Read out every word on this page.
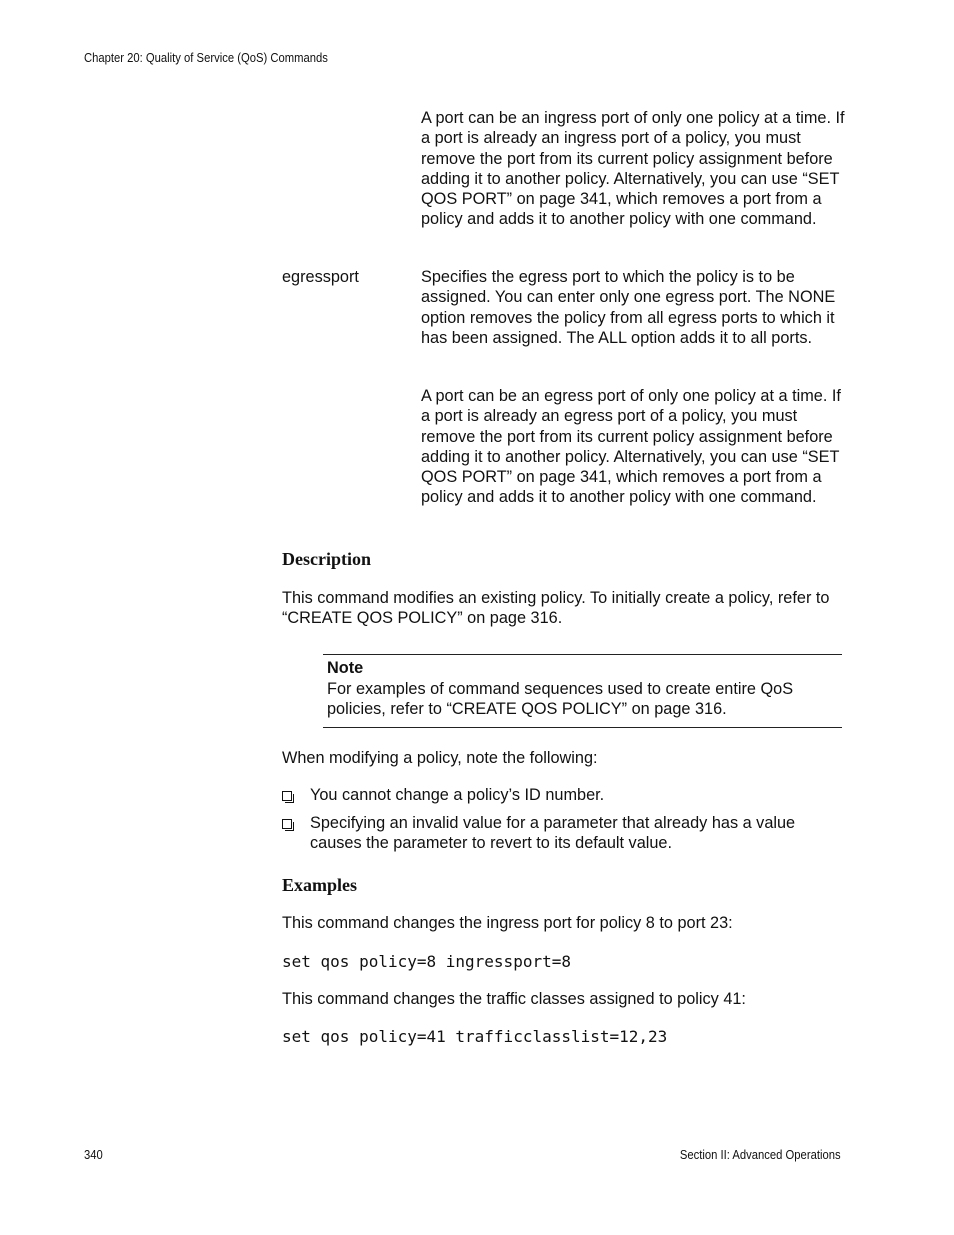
Chapter 20: Quality of Service (QoS) Commands

A port can be an ingress port of only one policy at a time. If a port is already an ingress port of a policy, you must remove the port from its current policy assignment before adding it to another policy. Alternatively, you can use “SET QOS PORT” on page 341, which removes a port from a policy and adds it to another policy with one command.

egressport	Specifies the egress port to which the policy is to be assigned. You can enter only one egress port. The NONE option removes the policy from all egress ports to which it has been assigned. The ALL option adds it to all ports.

A port can be an egress port of only one policy at a time. If a port is already an egress port of a policy, you must remove the port from its current policy assignment before adding it to another policy. Alternatively, you can use “SET QOS PORT” on page 341, which removes a port from a policy and adds it to another policy with one command.

Description

This command modifies an existing policy. To initially create a policy, refer to “CREATE QOS POLICY” on page 316.

Note
For examples of command sequences used to create entire QoS policies, refer to “CREATE QOS POLICY” on page 316.

When modifying a policy, note the following:

You cannot change a policy’s ID number.
Specifying an invalid value for a parameter that already has a value causes the parameter to revert to its default value.
Examples

This command changes the ingress port for policy 8 to port 23:

set qos policy=8 ingressport=8

This command changes the traffic classes assigned to policy 41:

set qos policy=41 trafficclasslist=12,23
340	Section II: Advanced Operations
